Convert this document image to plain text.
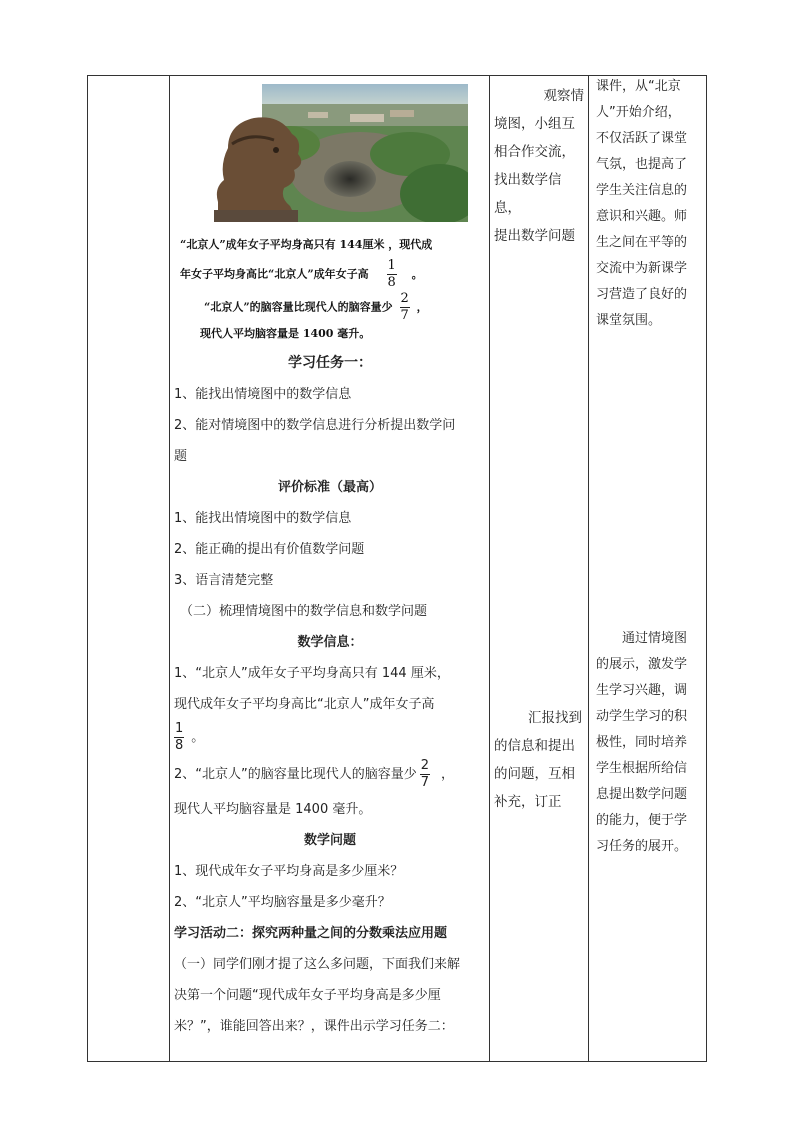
“北京人”成年女子平均身高只有 144厘米 ，现代成

年女子平均身高比“北京人”成年女子高 $\frac{1}{8}$ 。

“北京人”的脑容量比现代人的脑容量少 $\frac{2}{7}$ ，

现代人平均脑容量是 1400 毫升。

学习任务一：

1、能找出情境图中的数学信息

2、能对情境图中的数学信息进行分析提出数学问

题

评价标准（最高）

1、能找出情境图中的数学信息

2、能正确的提出有价值数学问题

3、语言清楚完整

（二）梳理情境图中的数学信息和数学问题

数学信息：

1、“北京人”成年女子平均身高只有 144 厘米，

现代成年女子平均身高比“北京人”成年女子高

$\frac{1}{8}$ 。
2、“北京人”的脑容量比现代人的脑容量少 $\frac{2}{7}$ ，

现代人平均脑容量是 1400 毫升。

数学问题

1、现代成年女子平均身高是多少厘米？

2、“北京人”平均脑容量是多少毫升？

学习活动二：探究两种量之间的分数乘法应用题

（一）同学们刚才提了这么多问题，下面我们来解

决第一个问题“现代成年女子平均身高是多少厘

米？”，谁能回答出来？，课件出示学习任务二：

观察情

境图，小组互

相合作交流，

找出数学信息，

提出数学问题

汇报找到

的信息和提出

的问题，互相

补充，订正

课件，从“北京

人”开始介绍，

不仅活跃了课堂

气氛，也提高了

学生关注信息的

意识和兴趣。师

生之间在平等的

交流中为新课学

习营造了良好的

课堂氛围。

通过情境图

的展示，激发学

生学习兴趣，调

动学生学习的积

极性，同时培养

学生根据所给信

息提出数学问题

的能力，便于学

习任务的展开。
